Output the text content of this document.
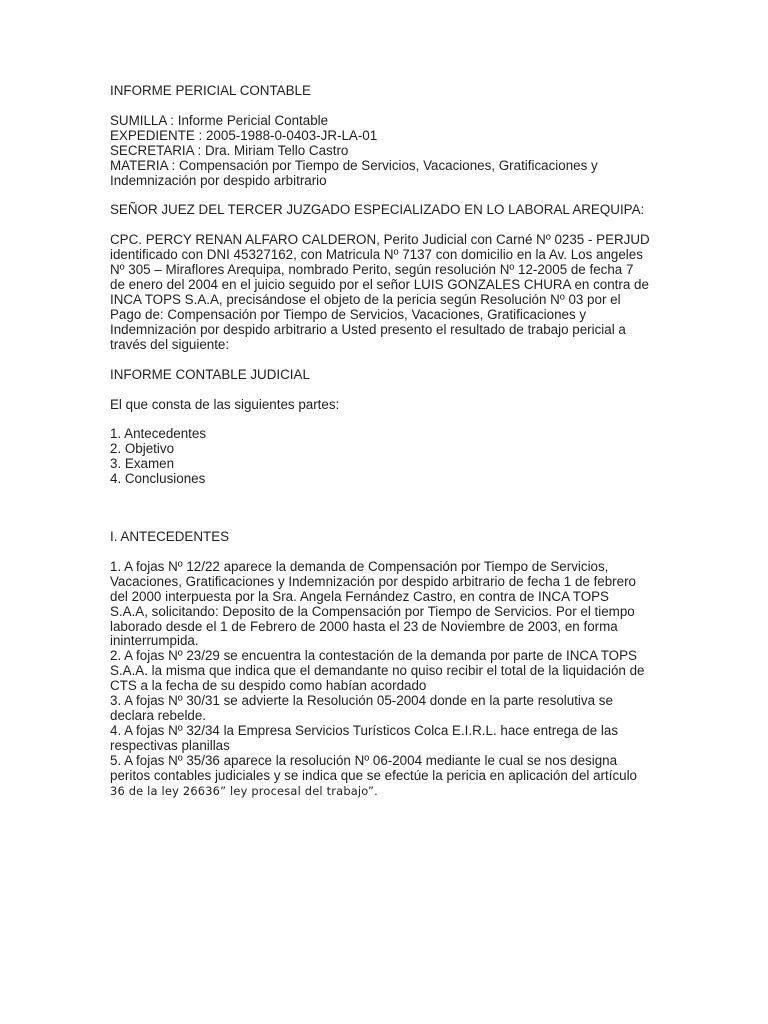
INFORME PERICIAL CONTABLE
SUMILLA : Informe Pericial Contable
EXPEDIENTE : 2005-1988-0-0403-JR-LA-01
SECRETARIA : Dra. Miriam Tello Castro
MATERIA : Compensación por Tiempo de Servicios, Vacaciones, Gratificaciones y
Indemnización por despido arbitrario
SEÑOR JUEZ DEL TERCER JUZGADO ESPECIALIZADO EN LO LABORAL AREQUIPA:
CPC. PERCY RENAN ALFARO CALDERON, Perito Judicial con Carné Nº 0235 - PERJUD
identificado con DNI 45327162, con Matricula Nº 7137 con domicilio en la Av. Los angeles
Nº 305 – Miraflores Arequipa, nombrado Perito, según resolución Nº 12-2005 de fecha 7
de enero del 2004 en el juicio seguido por el señor LUIS GONZALES CHURA en contra de
INCA TOPS S.A.A, precisándose el objeto de la pericia según Resolución Nº 03 por el
Pago de: Compensación por Tiempo de Servicios, Vacaciones, Gratificaciones y
Indemnización por despido arbitrario a Usted presento el resultado de trabajo pericial a
través del siguiente:
INFORME CONTABLE JUDICIAL
El que consta de las siguientes partes:
1. Antecedentes
2. Objetivo
3. Examen
4. Conclusiones
I. ANTECEDENTES
1. A fojas Nº 12/22 aparece la demanda de Compensación por Tiempo de Servicios,
Vacaciones, Gratificaciones y Indemnización por despido arbitrario de fecha 1 de febrero
del 2000 interpuesta por la Sra. Angela Fernández Castro, en contra de INCA TOPS
S.A.A, solicitando: Deposito de la Compensación por Tiempo de Servicios. Por el tiempo
laborado desde el 1 de Febrero de 2000 hasta el 23 de Noviembre de 2003, en forma
ininterrumpida.
2. A fojas Nº 23/29 se encuentra la contestación de la demanda por parte de INCA TOPS
S.A.A. la misma que indica que el demandante no quiso recibir el total de la liquidación de
CTS a la fecha de su despido como habían acordado
3. A fojas Nº 30/31 se advierte la Resolución 05-2004 donde en la parte resolutiva se
declara rebelde.
4. A fojas Nº 32/34 la Empresa Servicios Turísticos Colca E.I.R.L. hace entrega de las
respectivas planillas
5. A fojas Nº 35/36 aparece la resolución Nº 06-2004 mediante le cual se nos designa
peritos contables judiciales y se indica que se efectúe la pericia en aplicación del artículo
36 de la ley 26636” ley procesal del trabajo”.
